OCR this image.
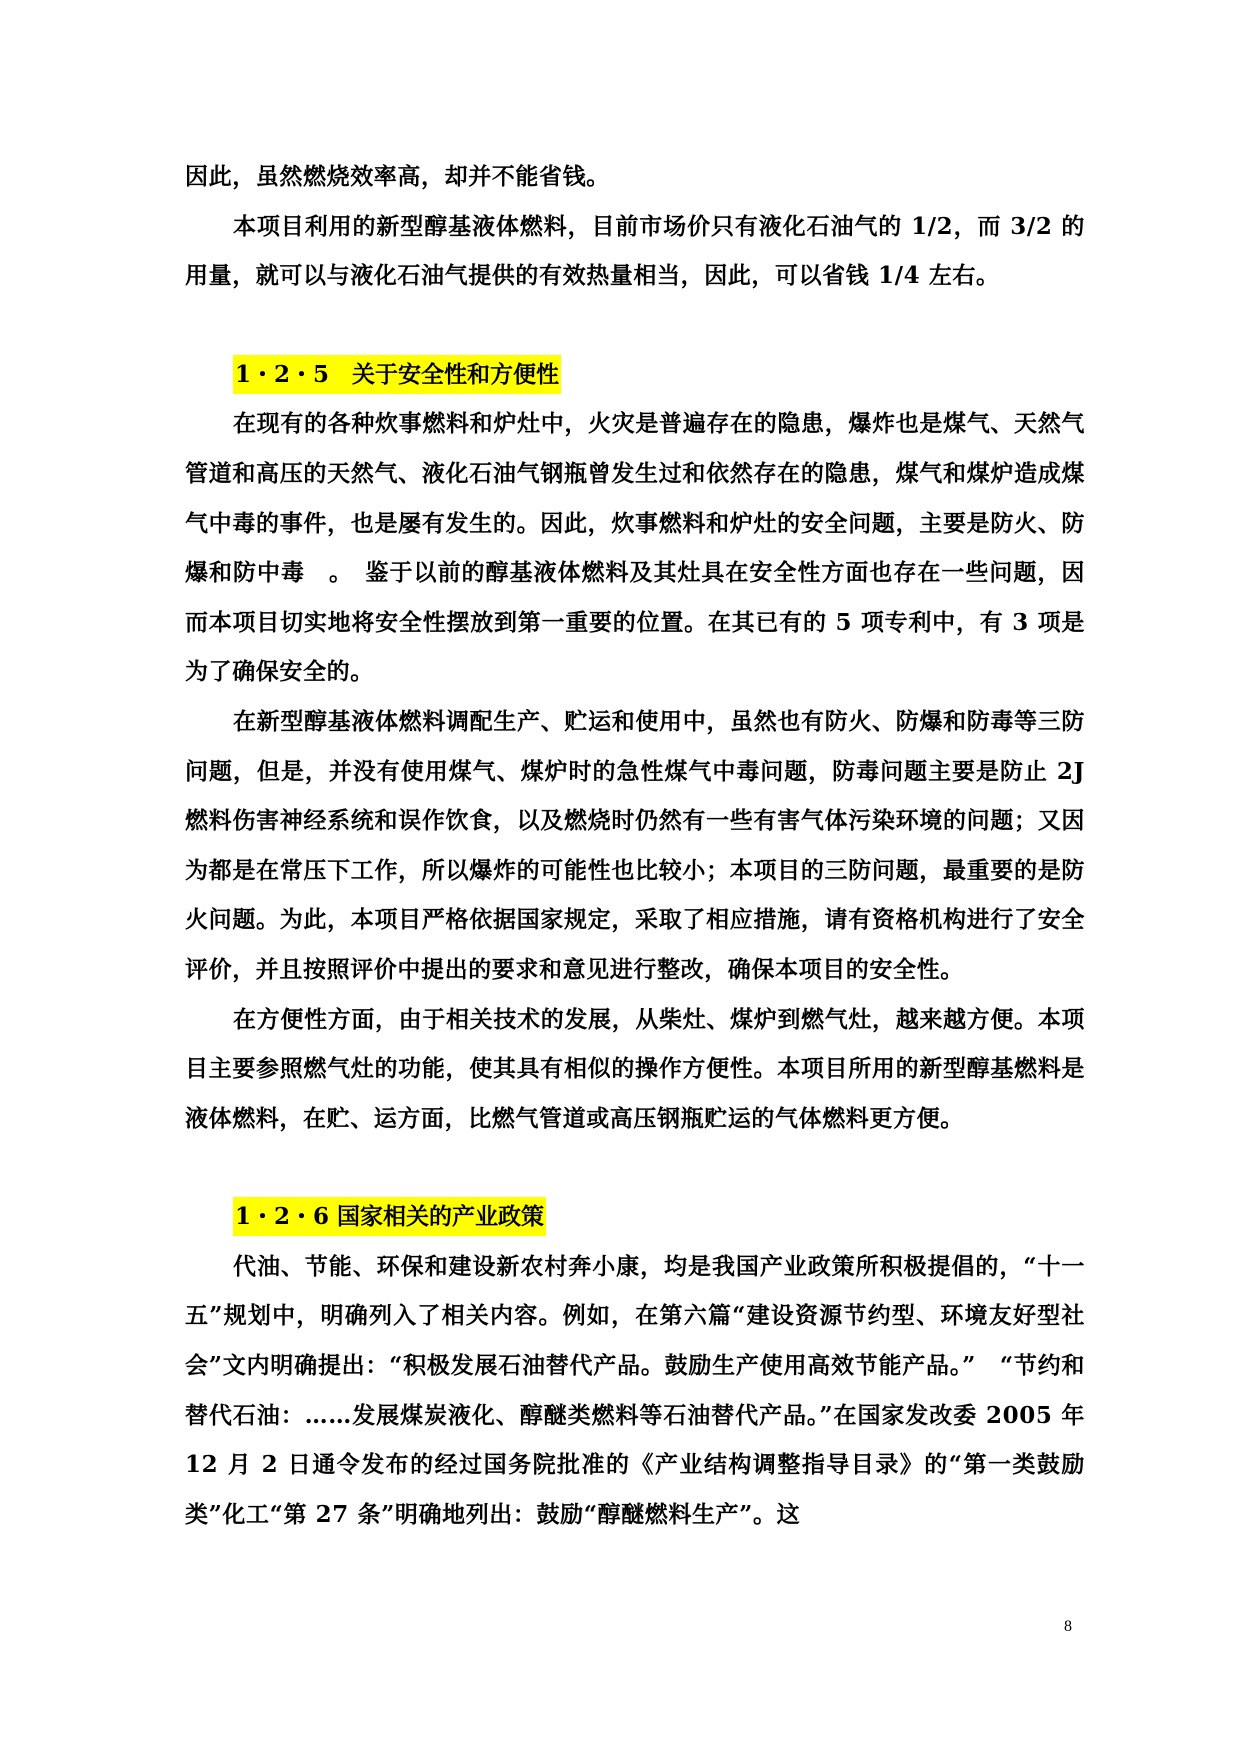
因此，虽然燃烧效率高，却并不能省钱。

本项目利用的新型醇基液体燃料，目前市场价只有液化石油气的 1/2，而 3/2 的用量，就可以与液化石油气提供的有效热量相当，因此，可以省钱 1/4 左右。

1・2・5　关于安全性和方便性

在现有的各种炊事燃料和炉灶中，火灾是普遍存在的隐患，爆炸也是煤气、天然气管道和高压的天然气、液化石油气钢瓶曾发生过和依然存在的隐患，煤气和煤炉造成煤气中毒的事件，也是屡有发生的。因此，炊事燃料和炉灶的安全问题，主要是防火、防爆和防中毒　。　鉴于以前的醇基液体燃料及其灶具在安全性方面也存在一些问题，因而本项目切实地将安全性摆放到第一重要的位置。在其已有的 5 项专利中，有 3 项是为了确保安全的。

在新型醇基液体燃料调配生产、贮运和使用中，虽然也有防火、防爆和防毒等三防问题，但是，并没有使用煤气、煤炉时的急性煤气中毒问题，防毒问题主要是防止 2J 燃料伤害神经系统和误作饮食，以及燃烧时仍然有一些有害气体污染环境的问题；又因为都是在常压下工作，所以爆炸的可能性也比较小；本项目的三防问题，最重要的是防火问题。为此，本项目严格依据国家规定，采取了相应措施，请有资格机构进行了安全评价，并且按照评价中提出的要求和意见进行整改，确保本项目的安全性。

在方便性方面，由于相关技术的发展，从柴灶、煤炉到燃气灶，越来越方便。本项目主要参照燃气灶的功能，使其具有相似的操作方便性。本项目所用的新型醇基燃料是液体燃料，在贮、运方面，比燃气管道或高压钢瓶贮运的气体燃料更方便。

1・2・6 国家相关的产业政策

代油、节能、环保和建设新农村奔小康，均是我国产业政策所积极提倡的，“十一五”规划中，明确列入了相关内容。例如，在第六篇“建设资源节约型、环境友好型社会”文内明确提出：“积极发展石油替代产品。鼓励生产使用高效节能产品。”　“节约和替代石油：……发展煤炭液化、醇醚类燃料等石油替代产品。”在国家发改委 2005 年 12 月 2 日通令发布的经过国务院批准的《产业结构调整指导目录》的“第一类鼓励类”化工“第 27 条”明确地列出：鼓励“醇醚燃料生产”。这

8
